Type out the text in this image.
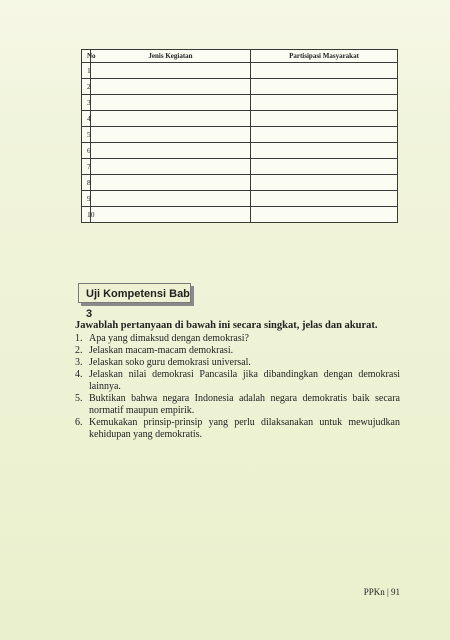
No	Jenis Kegiatan	Partisipasi Masyarakat
1		
2		
3		
4		
5		
6		
7		
8		
9		
10		
Uji Kompetensi Bab 3
Jawablah pertanyaan di bawah ini secara singkat, jelas dan akurat.
1. Apa yang dimaksud dengan demokrasi?
2. Jelaskan macam-macam demokrasi.
3. Jelaskan soko guru demokrasi universal.
4. Jelaskan nilai demokrasi Pancasila jika dibandingkan dengan demokrasi lainnya.
5. Buktikan bahwa negara Indonesia adalah negara demokratis baik secara normatif maupun empirik.
6. Kemukakan prinsip-prinsip yang perlu dilaksanakan untuk mewujudkan kehidupan yang demokratis.
PPKn | 91
